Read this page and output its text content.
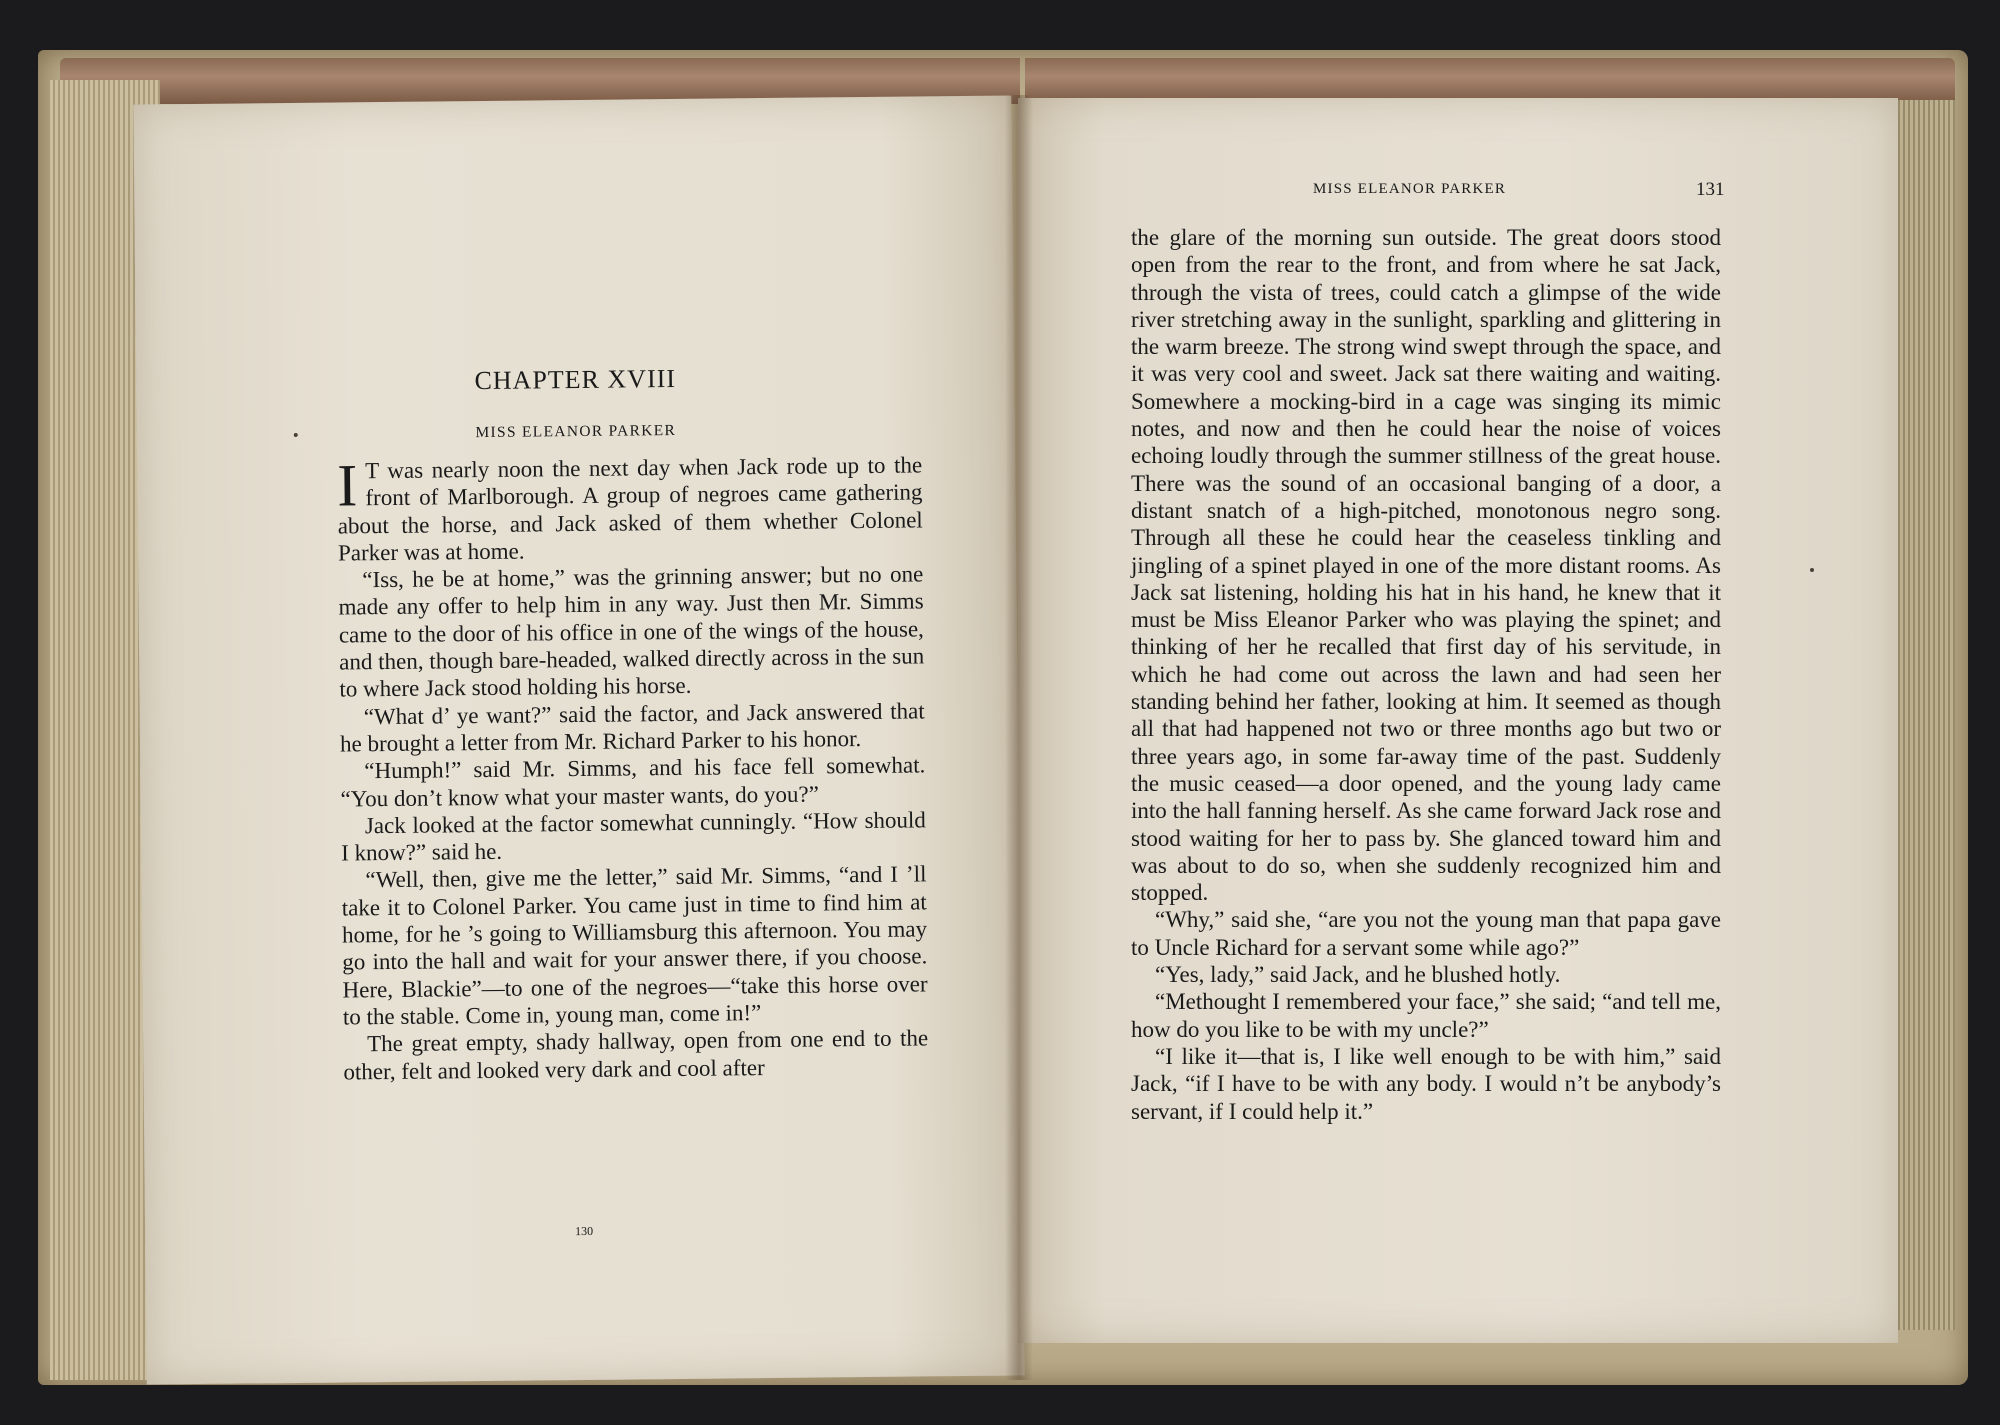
CHAPTER XVIII
MISS ELEANOR PARKER

I T was nearly noon the next day when Jack rode up to the front of Marlborough. A group of negroes came gathering about the horse, and Jack asked of them whether Colonel Parker was at home.

“Iss, he be at home,” was the grinning answer; but no one made any offer to help him in any way. Just then Mr. Simms came to the door of his office in one of the wings of the house, and then, though bare-headed, walked directly across in the sun to where Jack stood holding his horse.

“What d’ ye want?” said the factor, and Jack answered that he brought a letter from Mr. Richard Parker to his honor.

“Humph!” said Mr. Simms, and his face fell somewhat. “You don’t know what your master wants, do you?”

Jack looked at the factor somewhat cunningly. “How should I know?” said he.

“Well, then, give me the letter,” said Mr. Simms, “and I ’ll take it to Colonel Parker. You came just in time to find him at home, for he ’s going to Williamsburg this afternoon. You may go into the hall and wait for your answer there, if you choose. Here, Blackie”—to one of the negroes—“take this horse over to the stable. Come in, young man, come in!”

The great empty, shady hallway, open from one end to the other, felt and looked very dark and cool after

130
MISS ELEANOR PARKER	131

the glare of the morning sun outside. The great doors stood open from the rear to the front, and from where he sat Jack, through the vista of trees, could catch a glimpse of the wide river stretching away in the sunlight, sparkling and glittering in the warm breeze. The strong wind swept through the space, and it was very cool and sweet. Jack sat there waiting and waiting. Somewhere a mocking-bird in a cage was singing its mimic notes, and now and then he could hear the noise of voices echoing loudly through the summer stillness of the great house. There was the sound of an occasional banging of a door, a distant snatch of a high-pitched, monotonous negro song. Through all these he could hear the ceaseless tinkling and jingling of a spinet played in one of the more distant rooms. As Jack sat listening, holding his hat in his hand, he knew that it must be Miss Eleanor Parker who was playing the spinet; and thinking of her he recalled that first day of his servitude, in which he had come out across the lawn and had seen her standing behind her father, looking at him. It seemed as though all that had happened not two or three months ago but two or three years ago, in some far-away time of the past. Suddenly the music ceased—a door opened, and the young lady came into the hall fanning herself. As she came forward Jack rose and stood waiting for her to pass by. She glanced toward him and was about to do so, when she suddenly recognized him and stopped.

“Why,” said she, “are you not the young man that papa gave to Uncle Richard for a servant some while ago?”

“Yes, lady,” said Jack, and he blushed hotly.

“Methought I remembered your face,” she said; “and tell me, how do you like to be with my uncle?”

“I like it—that is, I like well enough to be with him,” said Jack, “if I have to be with any body. I would n’t be anybody’s servant, if I could help it.”
